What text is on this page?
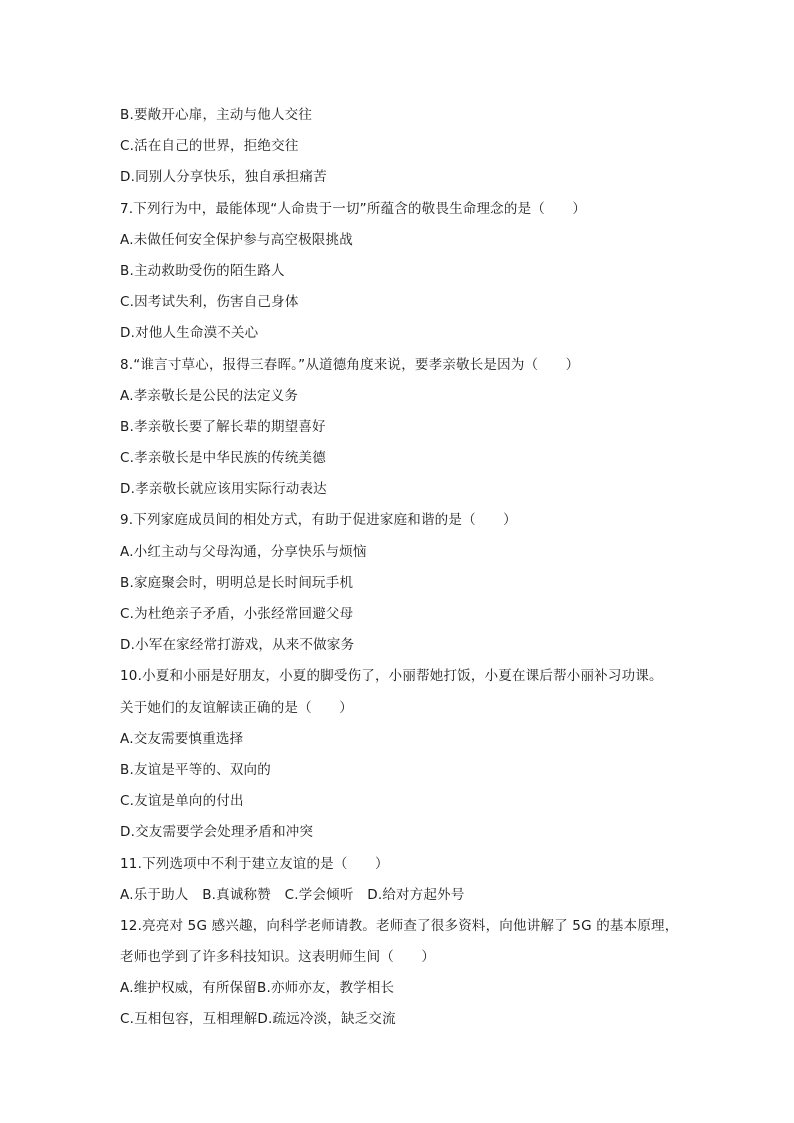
B.要敞开心扉，主动与他人交往
C.活在自己的世界，拒绝交往
D.同别人分享快乐，独自承担痛苦
7.下列行为中，最能体现“人命贵于一切”所蕴含的敬畏生命理念的是（　　）
A.未做任何安全保护参与高空极限挑战
B.主动救助受伤的陌生路人
C.因考试失利，伤害自己身体
D.对他人生命漠不关心
8.“谁言寸草心，报得三春晖。”从道德角度来说，要孝亲敬长是因为（　　）
A.孝亲敬长是公民的法定义务
B.孝亲敬长要了解长辈的期望喜好
C.孝亲敬长是中华民族的传统美德
D.孝亲敬长就应该用实际行动表达
9.下列家庭成员间的相处方式，有助于促进家庭和谐的是（　　）
A.小红主动与父母沟通，分享快乐与烦恼
B.家庭聚会时，明明总是长时间玩手机
C.为杜绝亲子矛盾，小张经常回避父母
D.小军在家经常打游戏，从来不做家务
10.小夏和小丽是好朋友，小夏的脚受伤了，小丽帮她打饭，小夏在课后帮小丽补习功课。
关于她们的友谊解读正确的是（　　）
A.交友需要慎重选择
B.友谊是平等的、双向的
C.友谊是单向的付出
D.交友需要学会处理矛盾和冲突
11.下列选项中不利于建立友谊的是（　　）
A.乐于助人　B.真诚称赞　C.学会倾听　D.给对方起外号
12.亮亮对 5G 感兴趣，向科学老师请教。老师查了很多资料，向他讲解了 5G 的基本原理，
老师也学到了许多科技知识。这表明师生间（　　）
A.维护权威，有所保留B.亦师亦友，教学相长
C.互相包容，互相理解D.疏远冷淡，缺乏交流
